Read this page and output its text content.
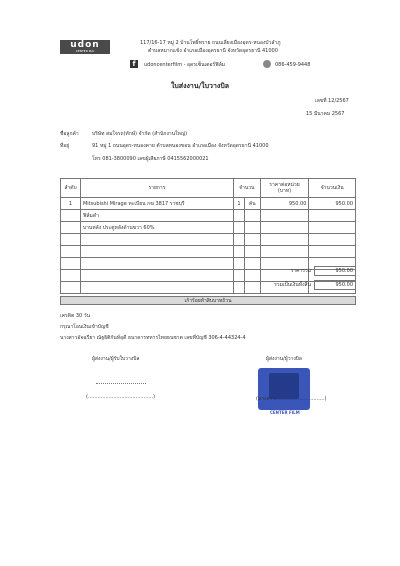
udon
CENTER PLU
117/16-17 หมู่ 2 บ้านโพธิ์ทราย ถนนเลี่ยงเมืองอุดร-หนองบัวลำภู
ตำบลหมากแข้ง อำเภอเมืองอุดรธานี จังหวัดอุดรธานี 41000
f	udoncenterfilm - อุดรเซ็นเตอร์ฟิล์ม	086-459-9448
ใบส่งงาน/ใบวางบิล
เลขที่ 12/2567
15 มีนาคม 2567
ชื่อลูกค้า	บริษัท สมใจรถ(ทักษ์) จำกัด (สำนักงานใหญ่)
ที่อยู่	91 หมู่ 1 ถนนอุดร-หนองคาย ตำบลหนองขอน อำเภอเมือง จังหวัดอุดรธานี 41000
โทร 081-3800090 เลขผู้เสียภาษี 0415562000021
ลำดับ	รายการ	จำนวน		ราคาต่อหน่วย (บาท)	จำนวนเงิน
1	Mitsubishi Mirage ทะเบียน กฆ 3817 ราชบุรี	1	คัน	950.00	950.00
	ฟิล์มดำ				
	บานหลัง ประตูหลังด้านขวา 60%				

ราคารวม	950.00
รวมเป็นเงินทั้งสิ้น	950.00
เก้าร้อยห้าสิบบาทถ้วน
เครดิต 30 วัน
กรุณาโอนเงินเข้าบัญชี
นางสาวอัจฉรียา ณัฐธิติกันท์อุดี ธนาคารทหารไทยธนชาต เลขที่บัญชี 306-4-44324-4
ผู้ส่งงาน/ผู้รับใบวางบิล
(.........................................)
ผู้ส่งงาน/ผู้วางบิล
(นางสาว...............................)
CENTER FILM
